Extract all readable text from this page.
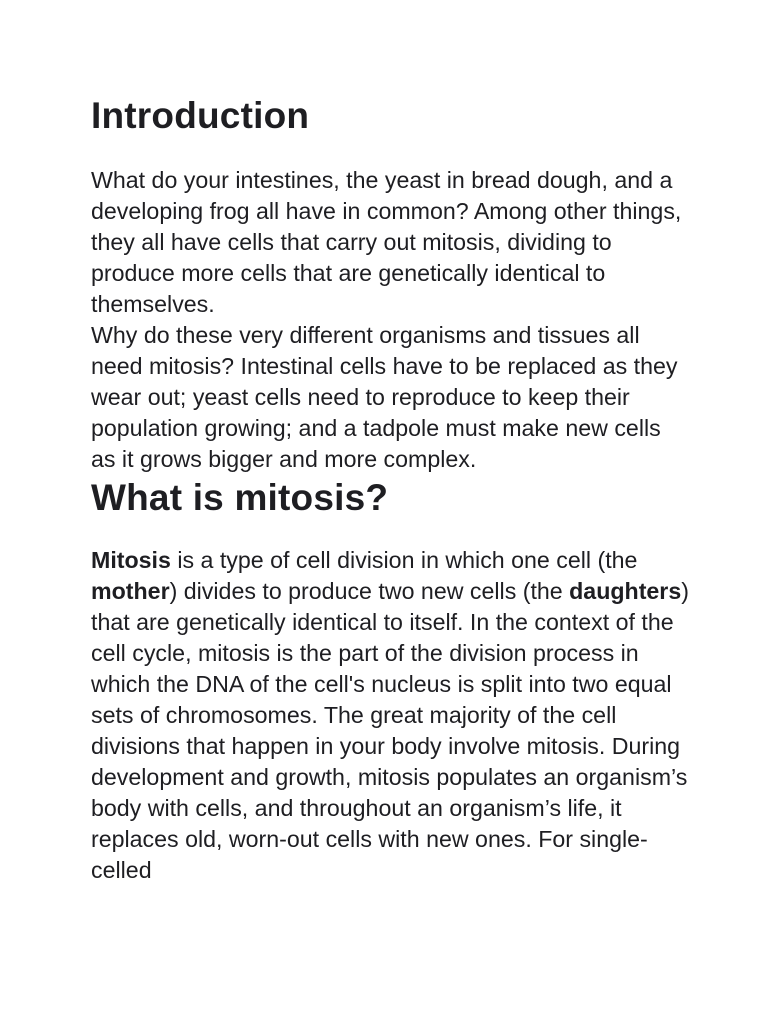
Introduction

What do your intestines, the yeast in bread dough, and a developing frog all have in common? Among other things, they all have cells that carry out mitosis, dividing to produce more cells that are genetically identical to themselves.

Why do these very different organisms and tissues all need mitosis? Intestinal cells have to be replaced as they wear out; yeast cells need to reproduce to keep their population growing; and a tadpole must make new cells as it grows bigger and more complex.

What is mitosis?

Mitosis is a type of cell division in which one cell (the mother) divides to produce two new cells (the daughters) that are genetically identical to itself. In the context of the cell cycle, mitosis is the part of the division process in which the DNA of the cell's nucleus is split into two equal sets of chromosomes. The great majority of the cell divisions that happen in your body involve mitosis. During development and growth, mitosis populates an organism’s body with cells, and throughout an organism’s life, it replaces old, worn-out cells with new ones. For single-celled
